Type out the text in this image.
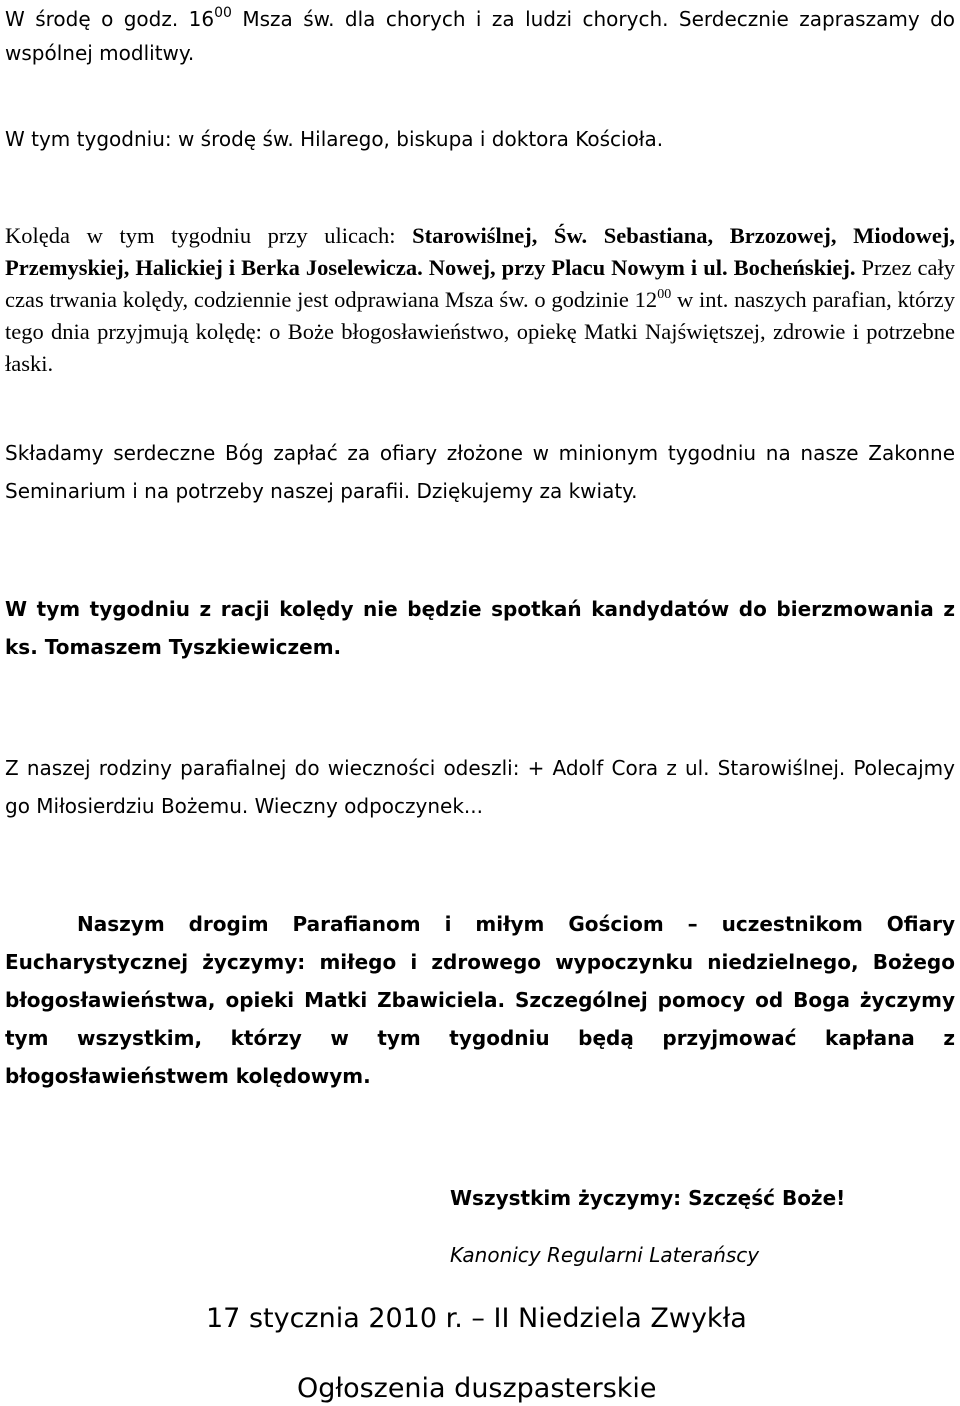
W środę o godz. $16^{00}$ Msza św. dla chorych i za ludzi chorych. Serdecznie zapraszamy do wspólnej modlitwy.

W tym tygodniu: w środę św. Hilarego, biskupa i doktora Kościoła.

Kolęda w tym tygodniu przy ulicach: Starowiślnej, Św. Sebastiana, Brzozowej, Miodowej, Przemyskiej, Halickiej i Berka Joselewicza. Nowej, przy Placu Nowym i ul. Bocheńskiej. Przez cały czas trwania kolędy, codziennie jest odprawiana Msza św. o godzinie $12^{00}$ w int. naszych parafian, którzy tego dnia przyjmują kolędę: o Boże błogosławieństwo, opiekę Matki Najświętszej, zdrowie i potrzebne łaski.

Składamy serdeczne Bóg zapłać za ofiary złożone w minionym tygodniu na nasze Zakonne Seminarium i na potrzeby naszej parafii. Dziękujemy za kwiaty.

W tym tygodniu z racji kolędy nie będzie spotkań kandydatów do bierzmowania z ks. Tomaszem Tyszkiewiczem.

Z naszej rodziny parafialnej do wieczności odeszli: + Adolf Cora z ul. Starowiślnej. Polecajmy go Miłosierdziu Bożemu. Wieczny odpoczynek...

Naszym drogim Parafianom i miłym Gościom – uczestnikom Ofiary Eucharystycznej życzymy: miłego i zdrowego wypoczynku niedzielnego, Bożego błogosławieństwa, opieki Matki Zbawiciela. Szczególnej pomocy od Boga życzymy tym wszystkim, którzy w tym tygodniu będą przyjmować kapłana z błogosławieństwem kolędowym.

Wszystkim życzymy: Szczęść Boże!

Kanonicy Regularni Laterańscy

17 stycznia 2010 r. – II Niedziela Zwykła

Ogłoszenia duszpasterskie
